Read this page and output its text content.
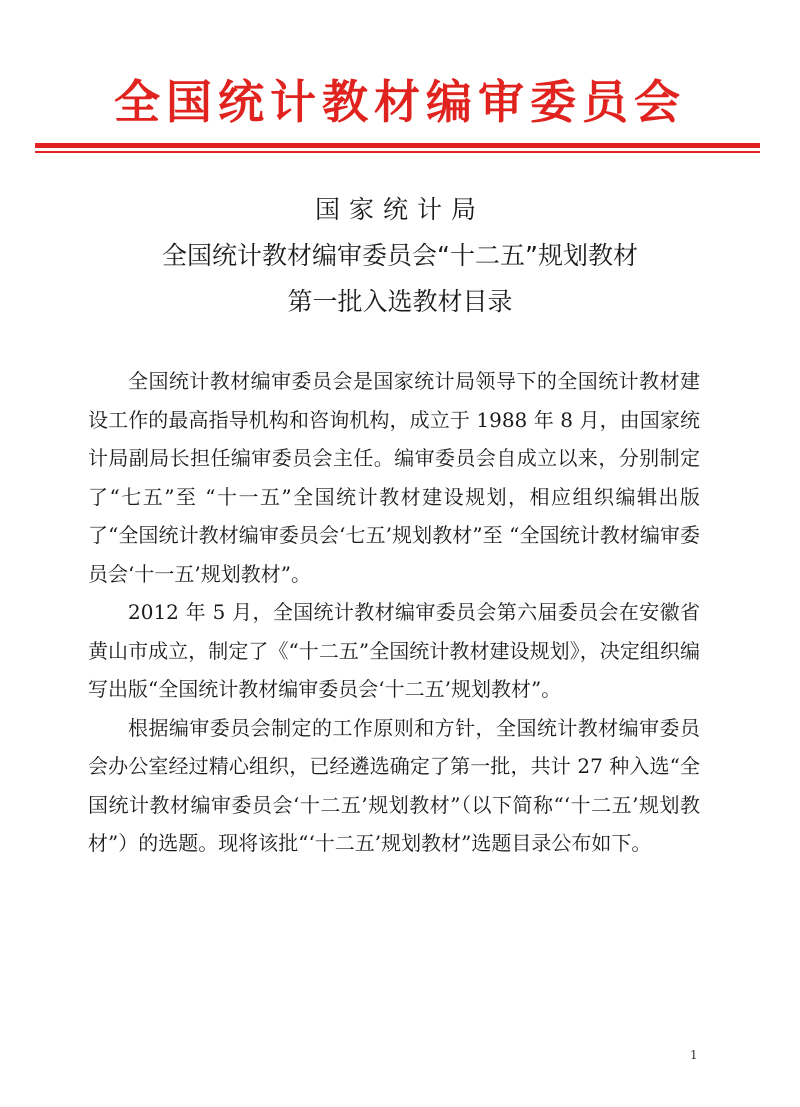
全国统计教材编审委员会
国家统计局
全国统计教材编审委员会“十二五”规划教材
第一批入选教材目录

全国统计教材编审委员会是国家统计局领导下的全国统计教材建设工作的最高指导机构和咨询机构，成立于 1988 年 8 月，由国家统计局副局长担任编审委员会主任。编审委员会自成立以来，分别制定了“七五”至 “十一五”全国统计教材建设规划，相应组织编辑出版了“全国统计教材编审委员会‘七五’规划教材”至 “全国统计教材编审委员会‘十一五’规划教材”。

2012 年 5 月，全国统计教材编审委员会第六届委员会在安徽省黄山市成立，制定了《“十二五”全国统计教材建设规划》，决定组织编写出版“全国统计教材编审委员会‘十二五’规划教材”。

根据编审委员会制定的工作原则和方针，全国统计教材编审委员会办公室经过精心组织，已经遴选确定了第一批，共计 27 种入选“全国统计教材编审委员会‘十二五’规划教材”（以下简称“‘十二五’规划教材”）的选题。现将该批“‘十二五’规划教材”选题目录公布如下。

1
